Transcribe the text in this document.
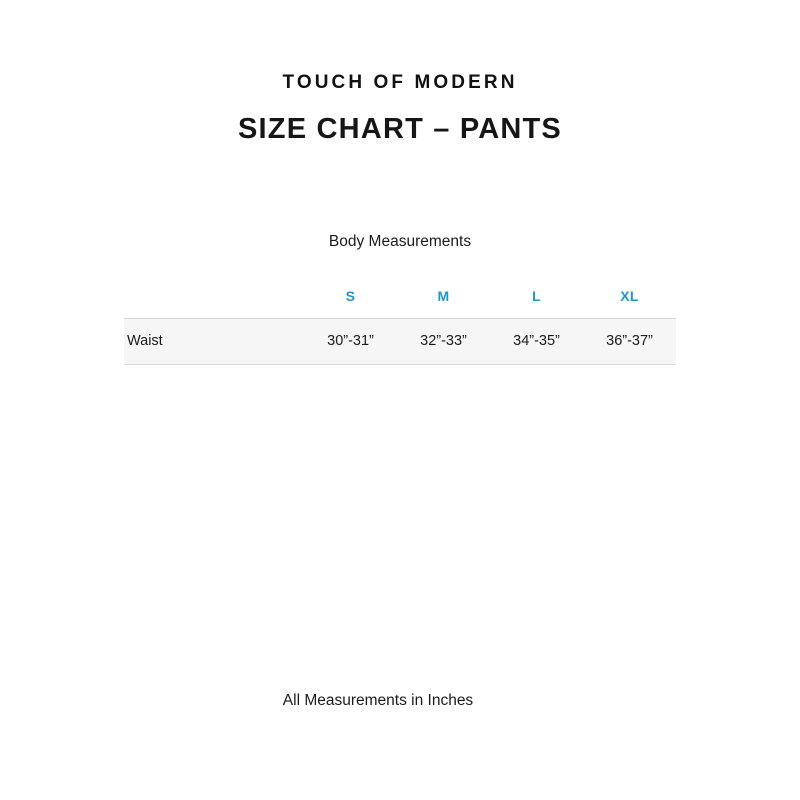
TOUCH OF MODERN
SIZE CHART – PANTS
Body Measurements
	S	M	L	XL
Waist	30”-31”	32”-33”	34”-35”	36”-37”
All Measurements in Inches
